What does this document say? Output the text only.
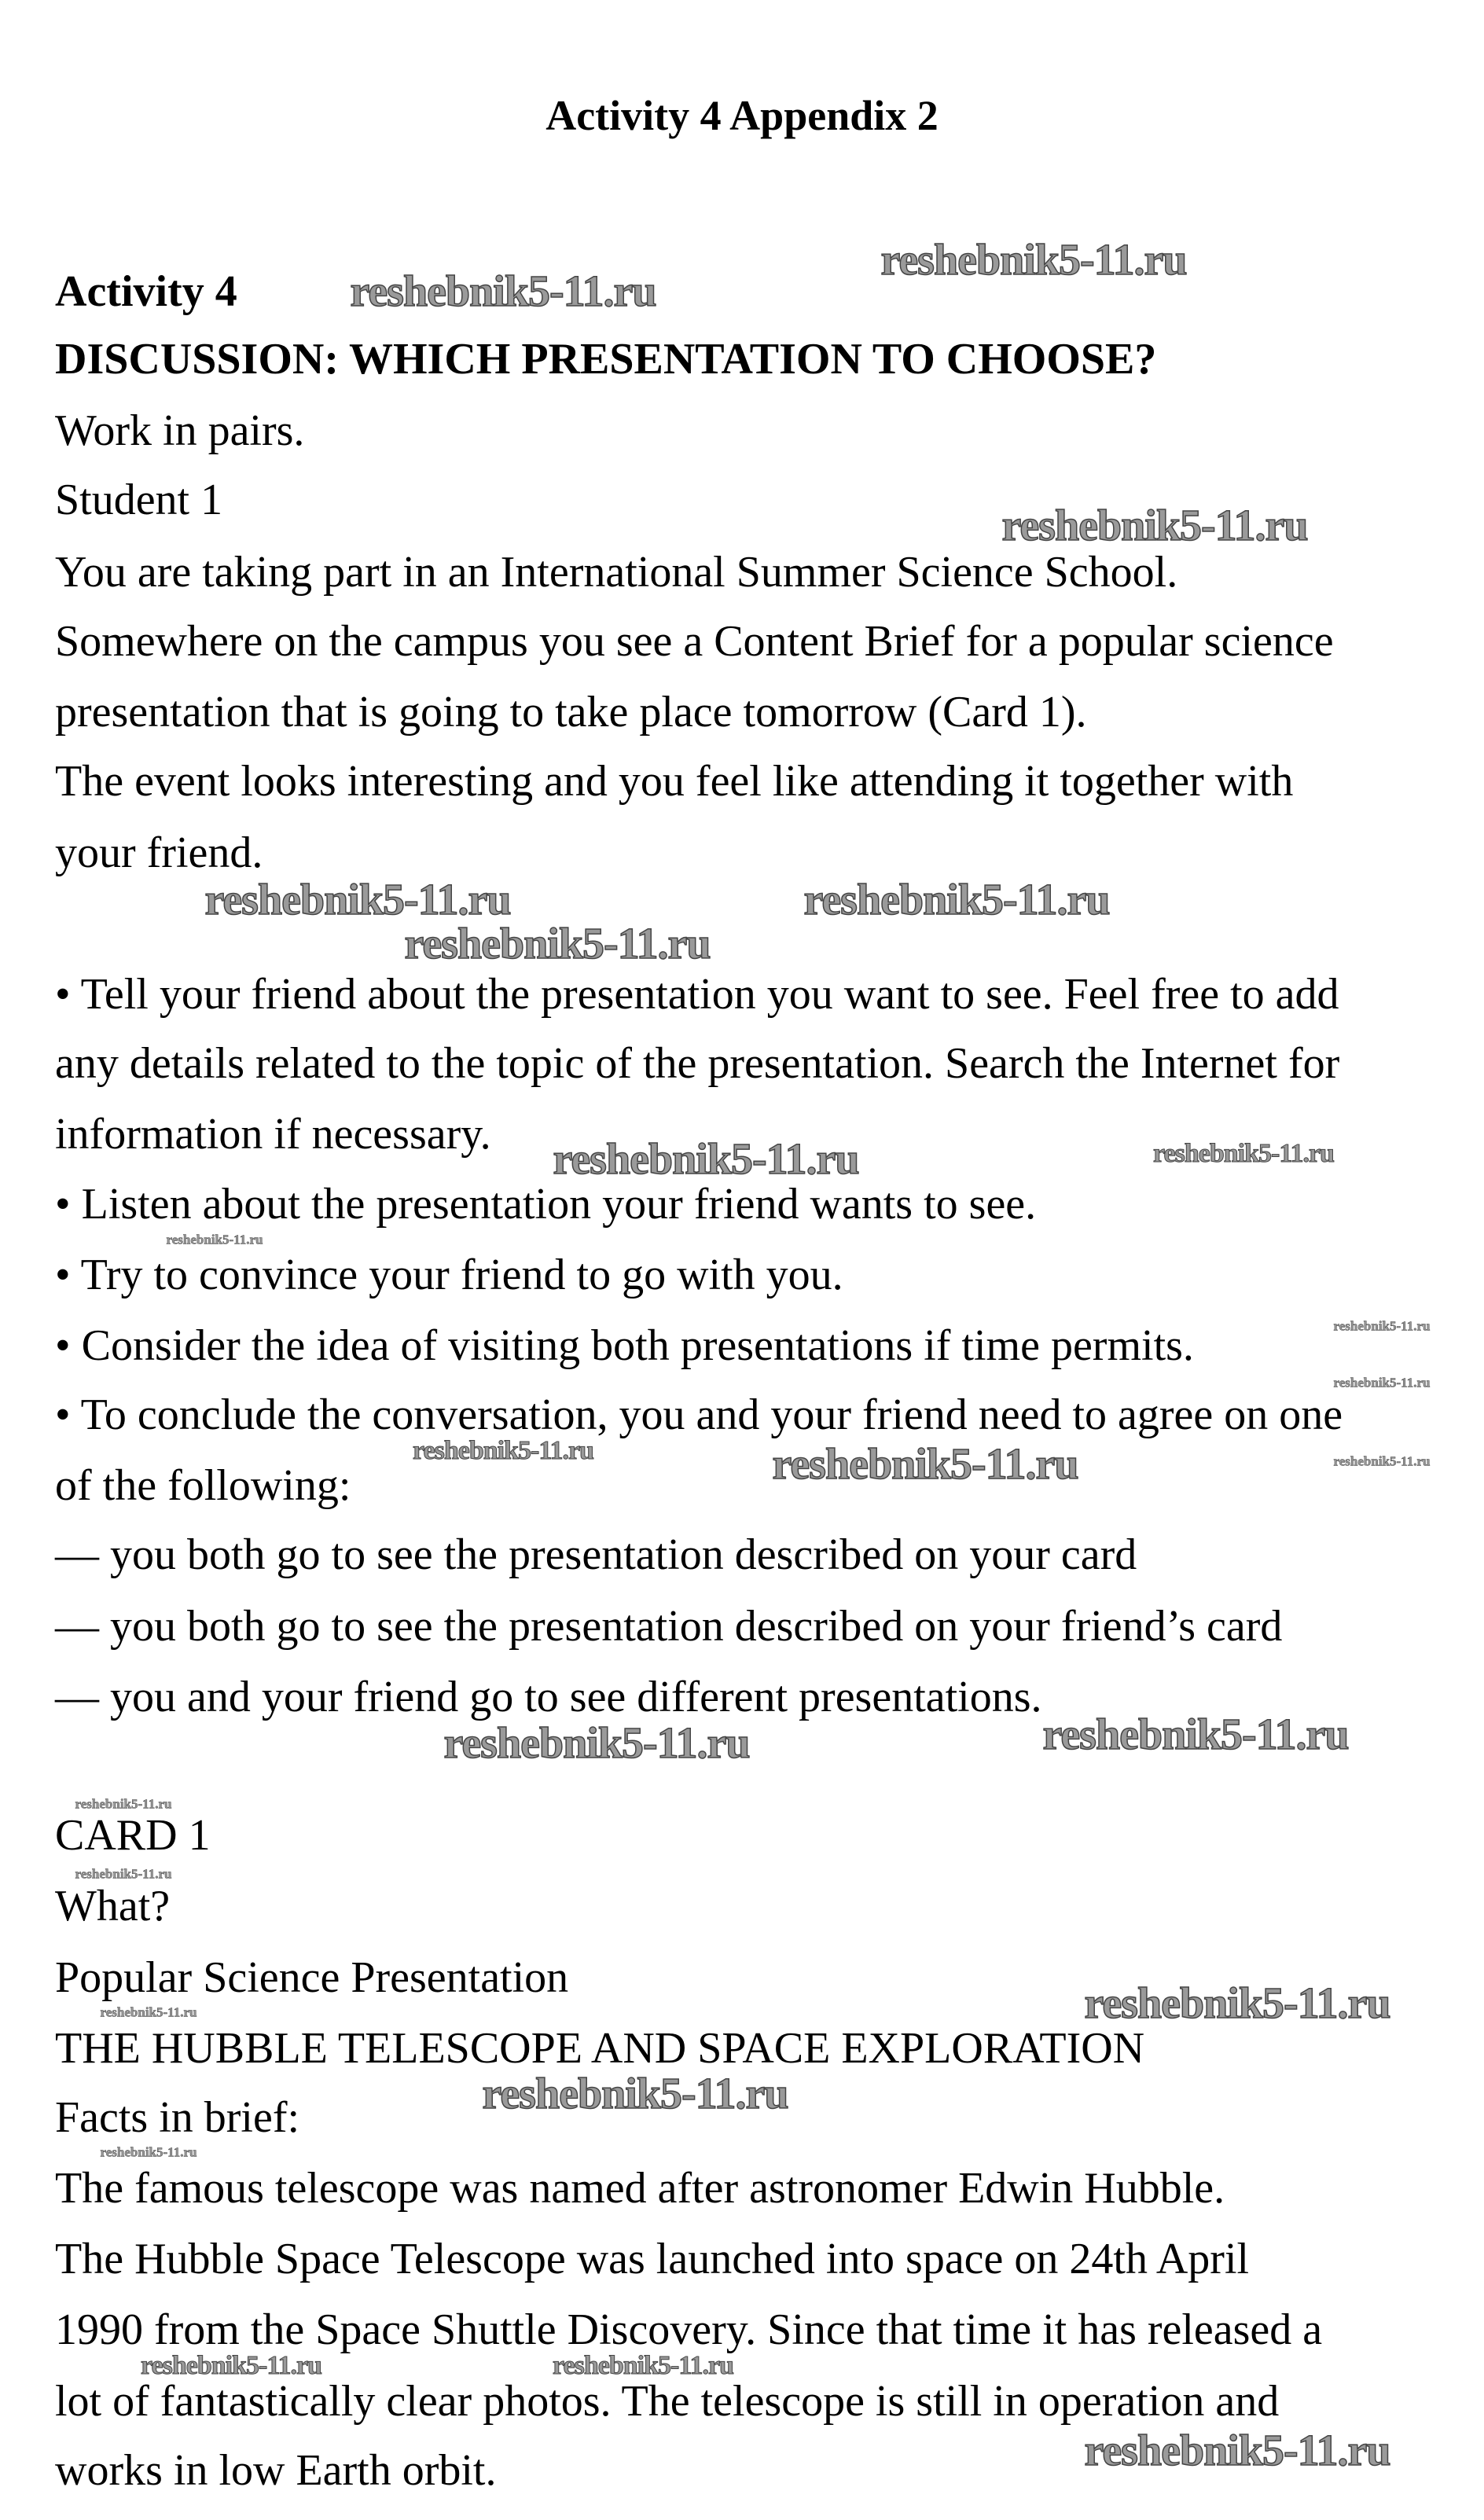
Activity 4 Appendix 2
Activity 4
DISCUSSION: WHICH PRESENTATION TO CHOOSE?
Work in pairs.
Student 1
You are taking part in an International Summer Science School.
Somewhere on the campus you see a Content Brief for a popular science
presentation that is going to take place tomorrow (Card 1).
The event looks interesting and you feel like attending it together with
your friend.
• Tell your friend about the presentation you want to see. Feel free to add
any details related to the topic of the presentation. Search the Internet for
information if necessary.
• Listen about the presentation your friend wants to see.
• Try to convince your friend to go with you.
• Consider the idea of visiting both presentations if time permits.
• To conclude the conversation, you and your friend need to agree on one
of the following:
— you both go to see the presentation described on your card
— you both go to see the presentation described on your friend’s card
— you and your friend go to see different presentations.
CARD 1
What?
Popular Science Presentation
THE HUBBLE TELESCOPE AND SPACE EXPLORATION
Facts in brief:
The famous telescope was named after astronomer Edwin Hubble.
The Hubble Space Telescope was launched into space on 24th April
1990 from the Space Shuttle Discovery. Since that time it has released a
lot of fantastically clear photos. The telescope is still in operation and
works in low Earth orbit.
reshebnik5-11.ru
reshebnik5-11.ru
reshebnik5-11.ru
reshebnik5-11.ru
reshebnik5-11.ru	reshebnik5-11.ru
reshebnik5-11.ru	reshebnik5-11.ru
reshebnik5-11.ru
reshebnik5-11.ru
reshebnik5-11.ru
reshebnik5-11.ru
reshebnik5-11.ru	reshebnik5-11.ru
reshebnik5-11.ru	reshebnik5-11.ru
reshebnik5-11.ru
reshebnik5-11.ru
reshebnik5-11.ru
reshebnik5-11.ru
reshebnik5-11.ru
reshebnik5-11.ru
reshebnik5-11.ru	reshebnik5-11.ru
reshebnik5-11.ru
